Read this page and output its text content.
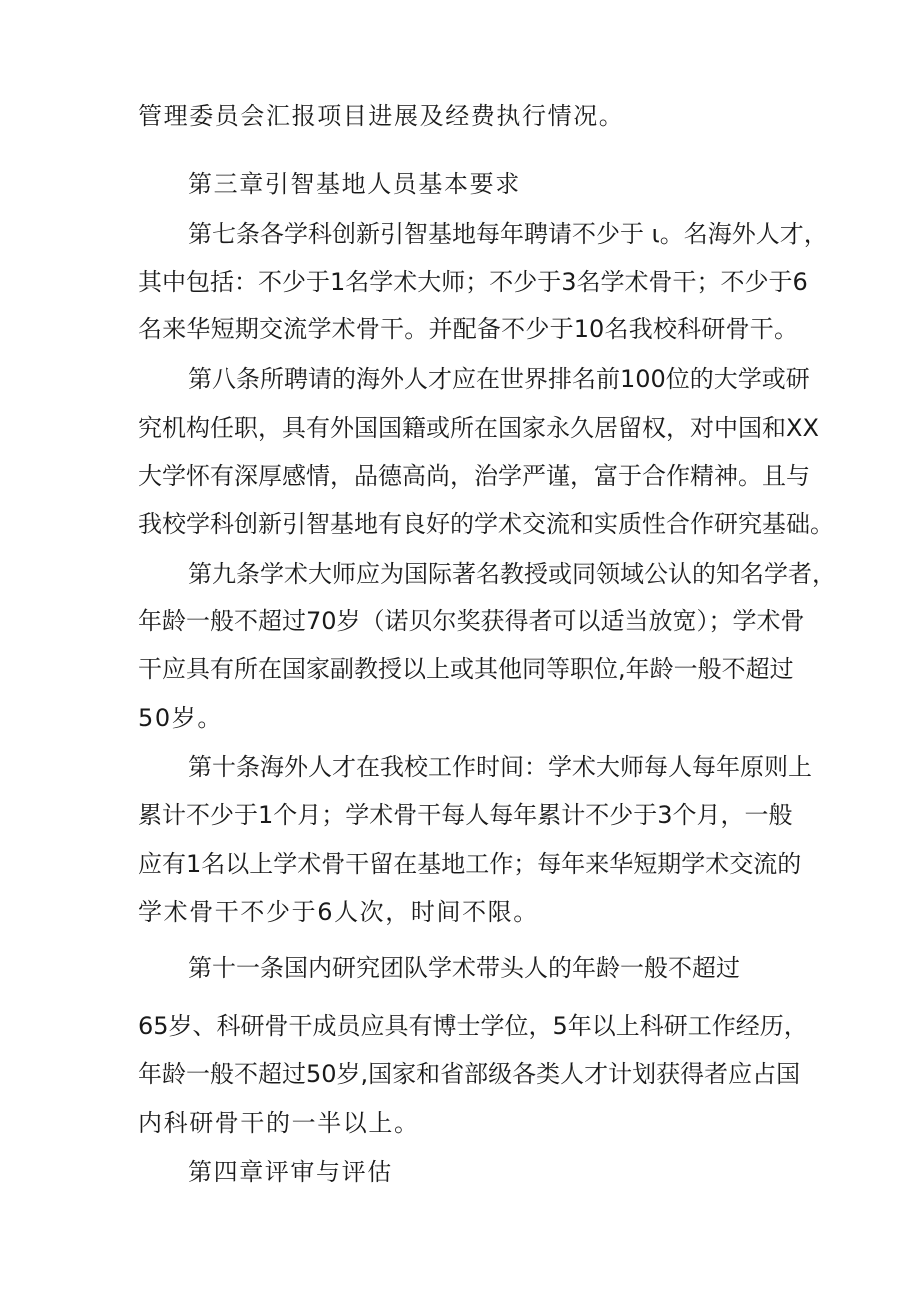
管理委员会汇报项目进展及经费执行情况。
第三章引智基地人员基本要求
第七条各学科创新引智基地每年聘请不少于 ι。名海外人才，
其中包括：不少于1名学术大师；不少于3名学术骨干；不少于6
名来华短期交流学术骨干。并配备不少于10名我校科研骨干。
第八条所聘请的海外人才应在世界排名前100位的大学或研
究机构任职，具有外国国籍或所在国家永久居留权，对中国和XX
大学怀有深厚感情，品德高尚，治学严谨，富于合作精神。且与
我校学科创新引智基地有良好的学术交流和实质性合作研究基础。
第九条学术大师应为国际著名教授或同领域公认的知名学者，
年龄一般不超过70岁（诺贝尔奖获得者可以适当放宽）；学术骨
干应具有所在国家副教授以上或其他同等职位,年龄一般不超过
50岁。
第十条海外人才在我校工作时间：学术大师每人每年原则上
累计不少于1个月；学术骨干每人每年累计不少于3个月，一般
应有1名以上学术骨干留在基地工作；每年来华短期学术交流的
学术骨干不少于6人次，时间不限。
第十一条国内研究团队学术带头人的年龄一般不超过
65岁、科研骨干成员应具有博士学位，5年以上科研工作经历，
年龄一般不超过50岁,国家和省部级各类人才计划获得者应占国
内科研骨干的一半以上。
第四章评审与评估
